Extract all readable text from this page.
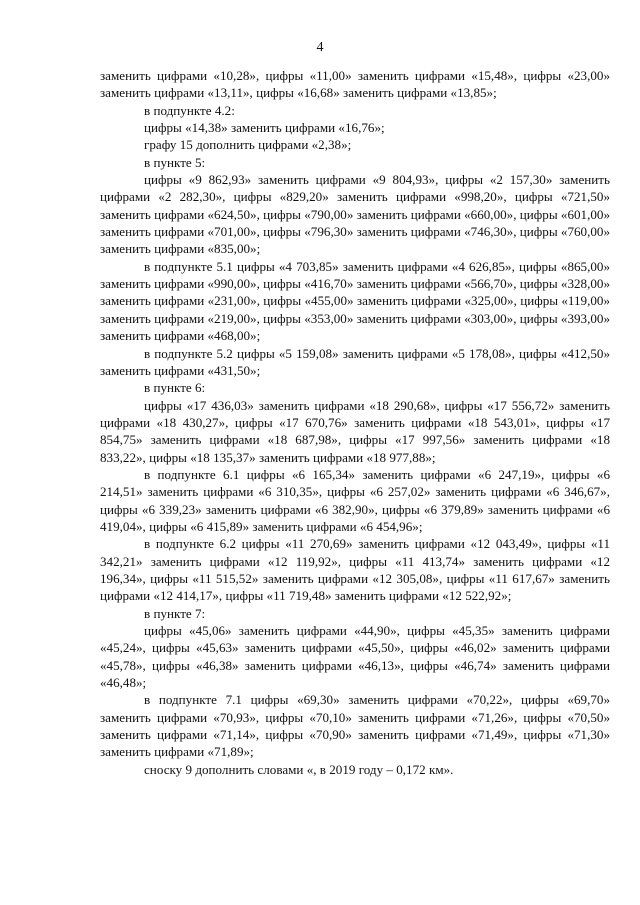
4

заменить цифрами «10,28», цифры «11,00» заменить цифрами «15,48», цифры «23,00» заменить цифрами «13,11», цифры «16,68» заменить цифрами «13,85»;

в подпункте 4.2:

цифры «14,38» заменить цифрами «16,76»;

графу 15 дополнить цифрами «2,38»;

в пункте 5:

цифры «9 862,93» заменить цифрами «9 804,93», цифры «2 157,30» заменить цифрами «2 282,30», цифры «829,20» заменить цифрами «998,20», цифры «721,50» заменить цифрами «624,50», цифры «790,00» заменить цифрами «660,00», цифры «601,00» заменить цифрами «701,00», цифры «796,30» заменить цифрами «746,30», цифры «760,00» заменить цифрами «835,00»;

в подпункте 5.1 цифры «4 703,85» заменить цифрами «4 626,85», цифры «865,00» заменить цифрами «990,00», цифры «416,70» заменить цифрами «566,70», цифры «328,00» заменить цифрами «231,00», цифры «455,00» заменить цифрами «325,00», цифры «119,00» заменить цифрами «219,00», цифры «353,00» заменить цифрами «303,00», цифры «393,00» заменить цифрами «468,00»;

в подпункте 5.2 цифры «5 159,08» заменить цифрами «5 178,08», цифры «412,50» заменить цифрами «431,50»;

в пункте 6:

цифры «17 436,03» заменить цифрами «18 290,68», цифры «17 556,72» заменить цифрами «18 430,27», цифры «17 670,76» заменить цифрами «18 543,01», цифры «17 854,75» заменить цифрами «18 687,98», цифры «17 997,56» заменить цифрами «18 833,22», цифры «18 135,37» заменить цифрами «18 977,88»;

в подпункте 6.1 цифры «6 165,34» заменить цифрами «6 247,19», цифры «6 214,51» заменить цифрами «6 310,35», цифры «6 257,02» заменить цифрами «6 346,67», цифры «6 339,23» заменить цифрами «6 382,90», цифры «6 379,89» заменить цифрами «6 419,04», цифры «6 415,89» заменить цифрами «6 454,96»;

в подпункте 6.2 цифры «11 270,69» заменить цифрами «12 043,49», цифры «11 342,21» заменить цифрами «12 119,92», цифры «11 413,74» заменить цифрами «12 196,34», цифры «11 515,52» заменить цифрами «12 305,08», цифры «11 617,67» заменить цифрами «12 414,17», цифры «11 719,48» заменить цифрами «12 522,92»;

в пункте 7:

цифры «45,06» заменить цифрами «44,90», цифры «45,35» заменить цифрами «45,24», цифры «45,63» заменить цифрами «45,50», цифры «46,02» заменить цифрами «45,78», цифры «46,38» заменить цифрами «46,13», цифры «46,74» заменить цифрами «46,48»;

в подпункте 7.1 цифры «69,30» заменить цифрами «70,22», цифры «69,70» заменить цифрами «70,93», цифры «70,10» заменить цифрами «71,26», цифры «70,50» заменить цифрами «71,14», цифры «70,90» заменить цифрами «71,49», цифры «71,30» заменить цифрами «71,89»;

сноску 9 дополнить словами «, в 2019 году – 0,172 км».
